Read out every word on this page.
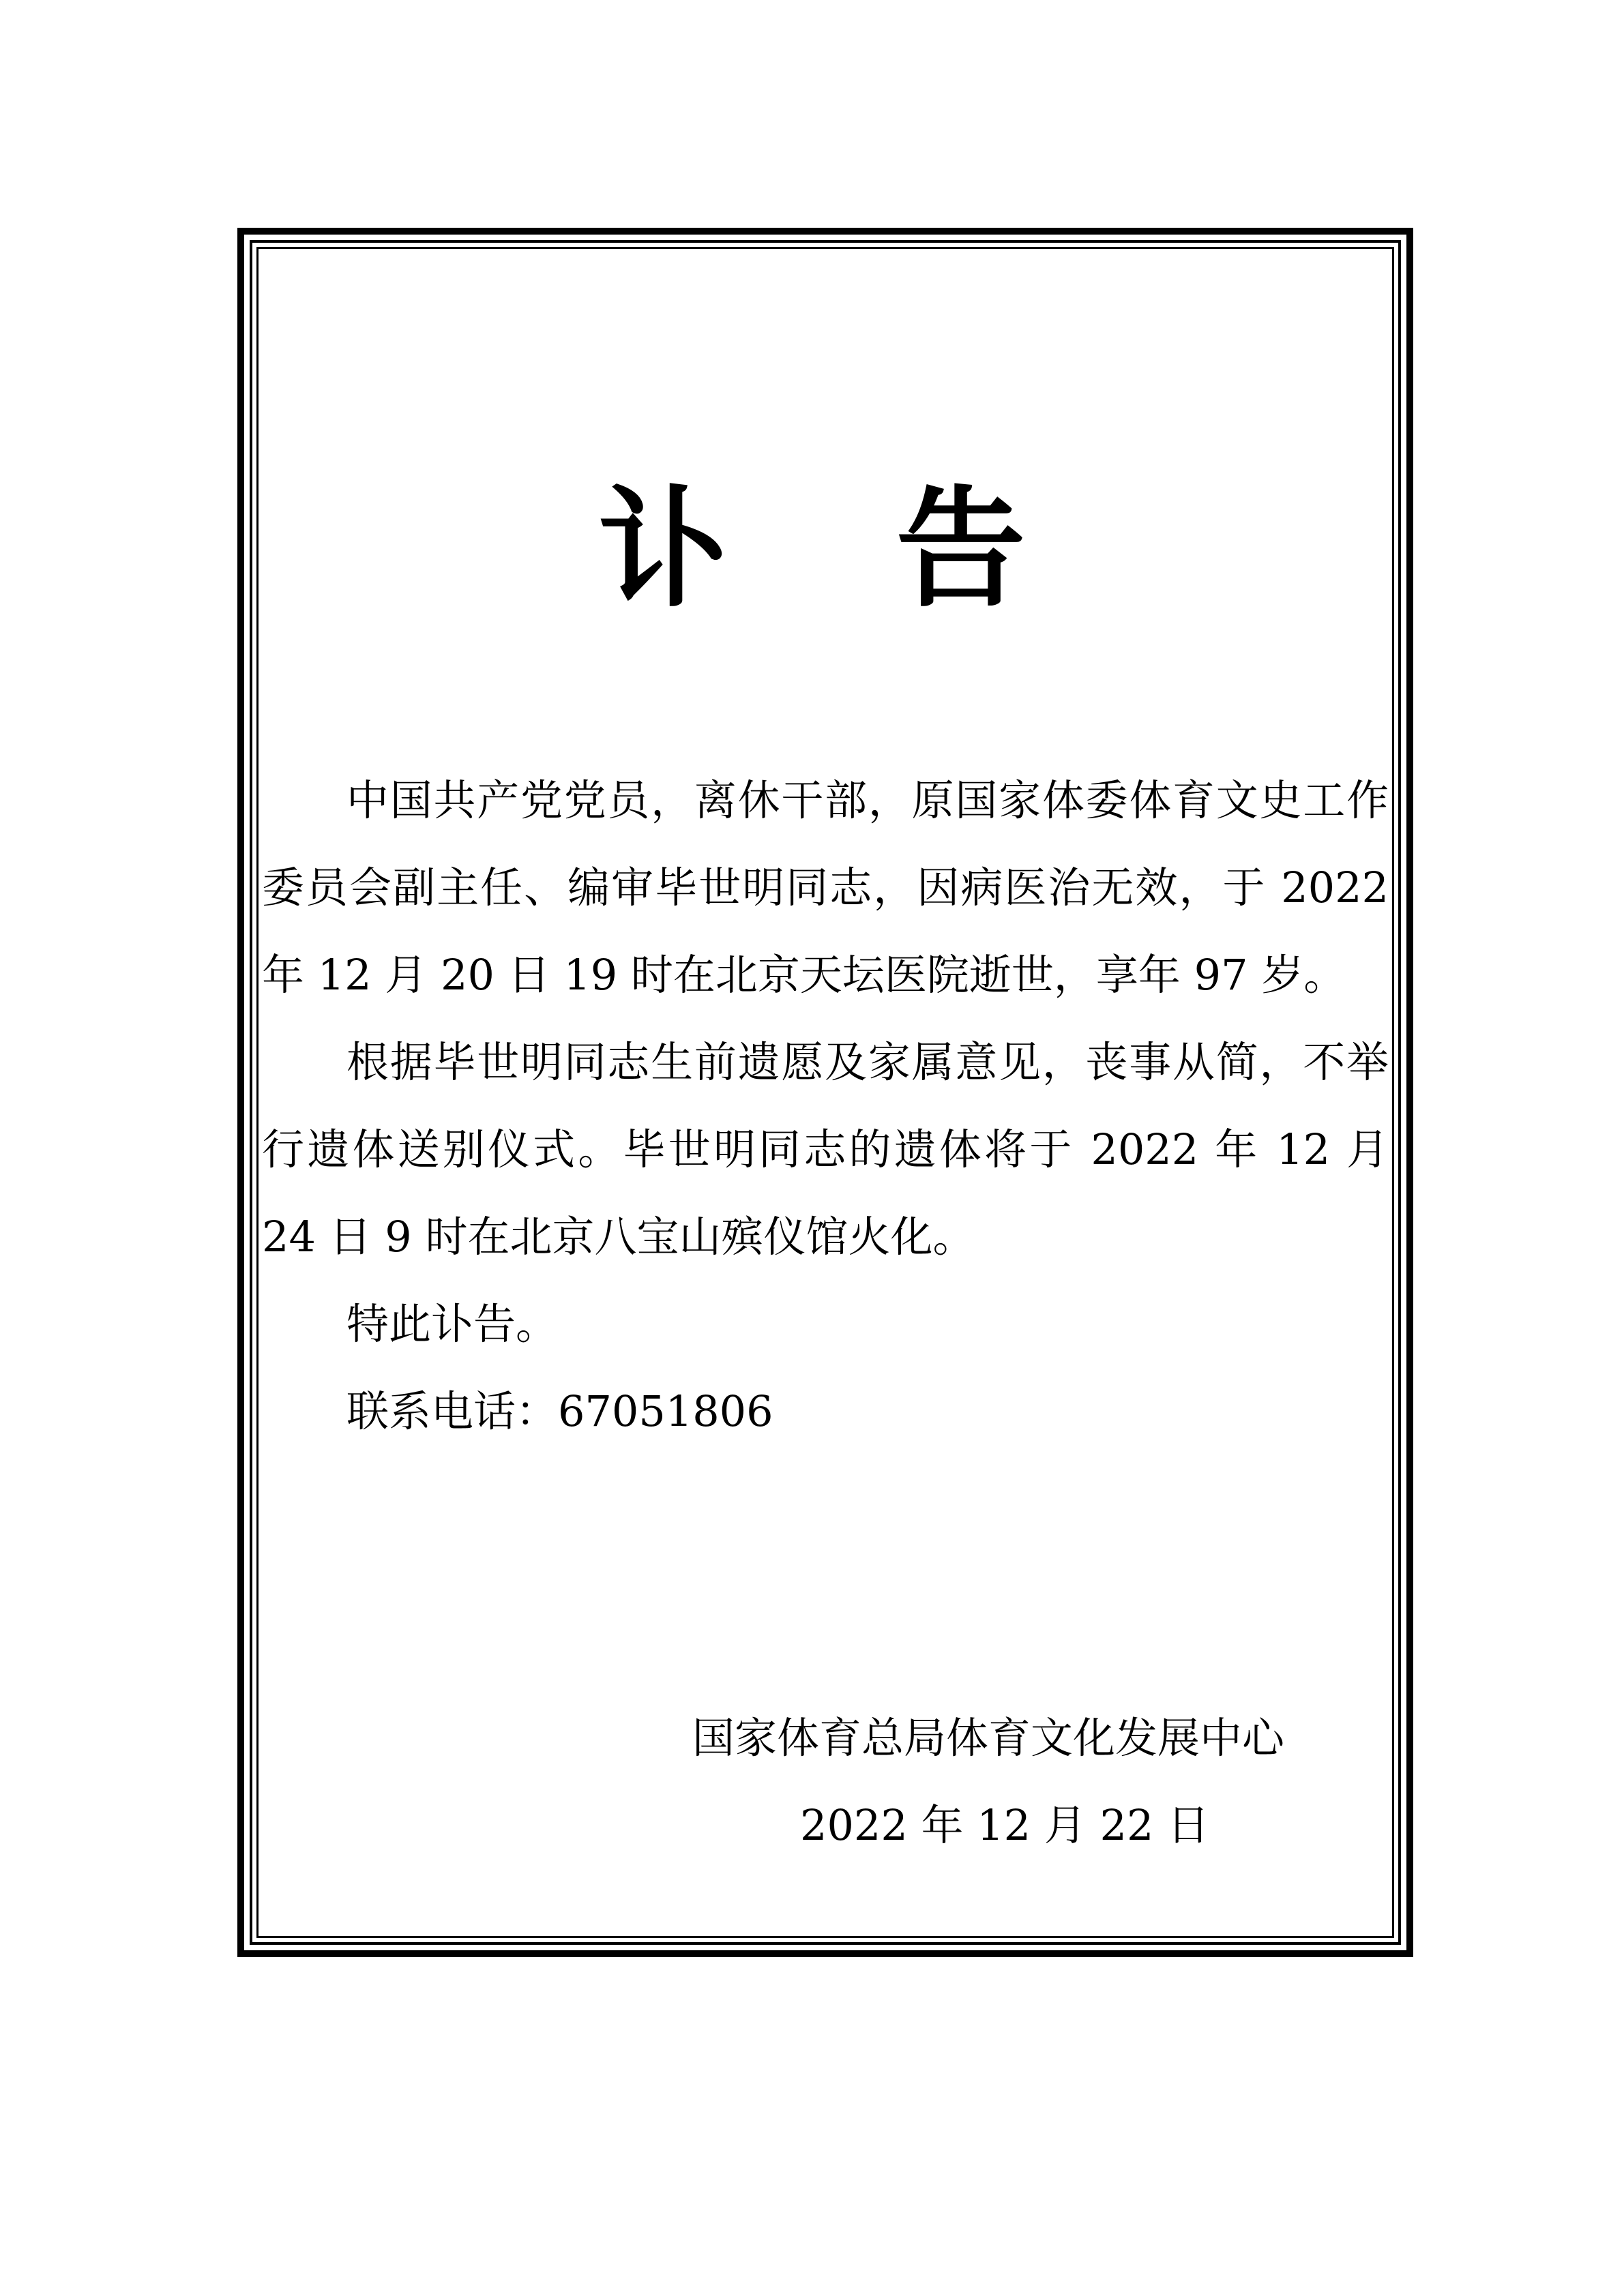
讣 告

中国共产党党员，离休干部，原国家体委体育文史工作委员会副主任、编审毕世明同志，因病医治无效，于 2022 年 12 月 20 日 19 时在北京天坛医院逝世，享年 97 岁。

根据毕世明同志生前遗愿及家属意见，丧事从简，不举行遗体送别仪式。毕世明同志的遗体将于 2022 年 12 月 24 日 9 时在北京八宝山殡仪馆火化。

特此讣告。

联系电话：67051806

国家体育总局体育文化发展中心
2022 年 12 月 22 日
